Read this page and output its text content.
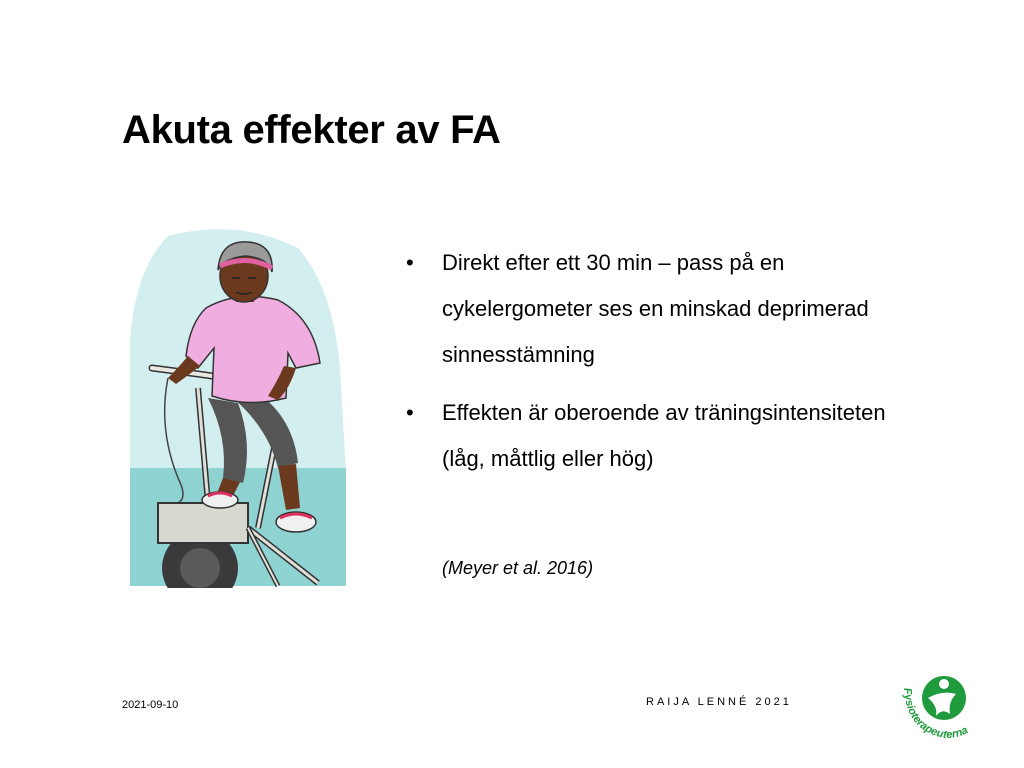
Akuta effekter av FA
• Direkt efter ett 30 min – pass på en cykelergometer ses en minskad deprimerad sinnesstämning
• Effekten är oberoende av träningsintensiteten (låg, måttlig eller hög)
(Meyer et al. 2016)
2021-09-10	RAIJA LENNÉ 2021
Fysioterapeuterna
